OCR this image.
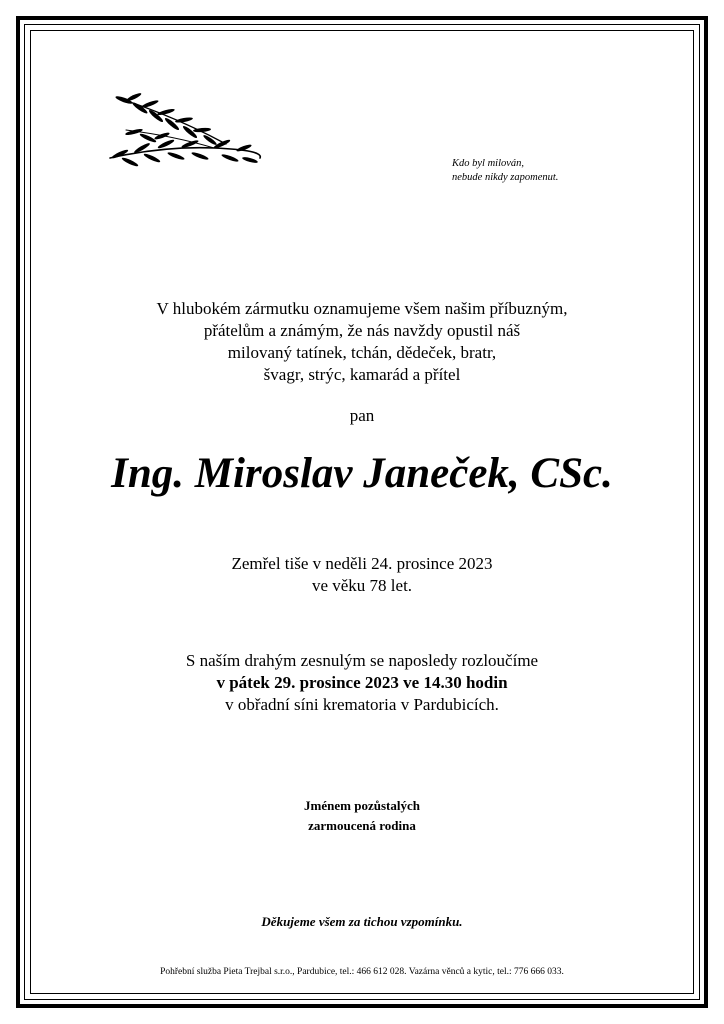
Kdo byl milován,
nebude nikdy zapomenut.
V hlubokém zármutku oznamujeme všem našim příbuzným,
přátelům a známým, že nás navždy opustil náš
milovaný tatínek, tchán, dědeček, bratr,
švagr, strýc, kamarád a přítel
pan
Ing. Miroslav Janeček, CSc.
Zemřel tiše v neděli 24. prosince 2023
ve věku 78 let.
S naším drahým zesnulým se naposledy rozloučíme
v pátek 29. prosince 2023 ve 14.30 hodin
v obřadní síni krematoria v Pardubicích.
Jménem pozůstalých
zarmoucená rodina
Děkujeme všem za tichou vzpomínku.
Pohřební služba Pieta Trejbal s.r.o., Pardubice, tel.: 466 612 028. Vazárna věnců a kytic, tel.: 776 666 033.
